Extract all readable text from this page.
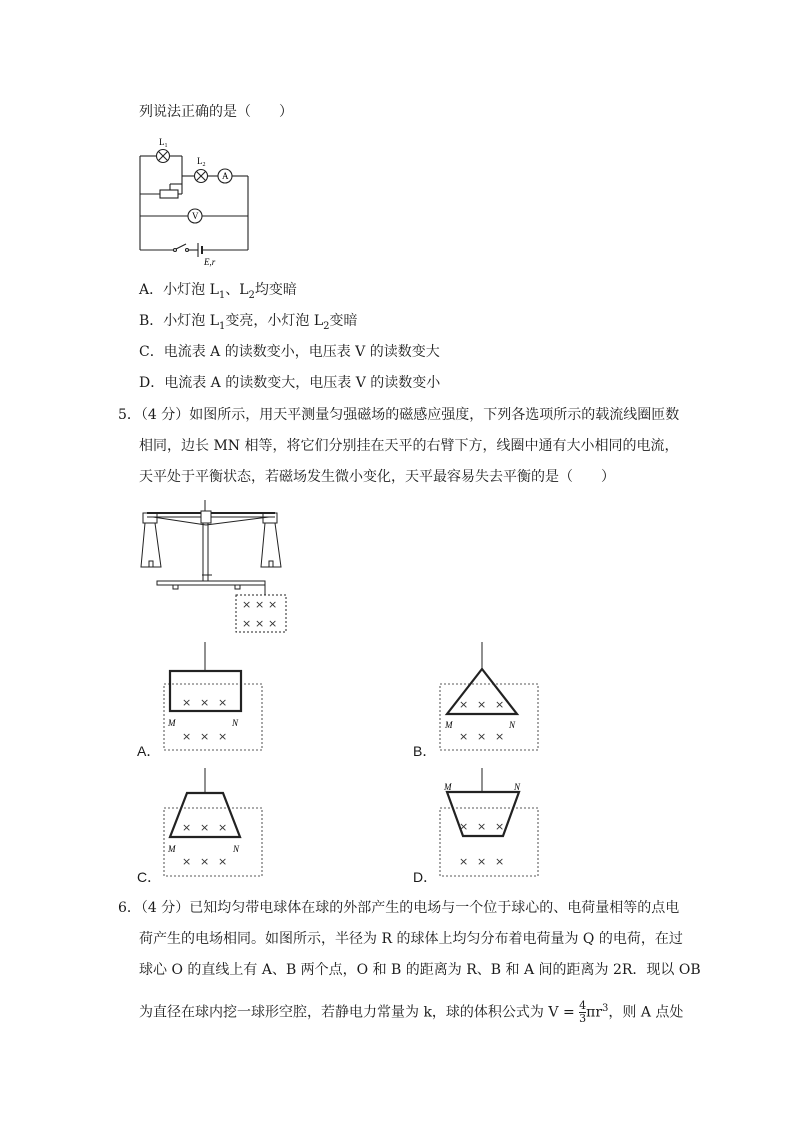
列说法正确的是（　　）
$L_1$
$L_2$
A
V
E,r
A．小灯泡 $L_1$、$L_2$均变暗
B．小灯泡 $L_1$变亮，小灯泡 $L_2$变暗
C．电流表 A 的读数变小，电压表 V 的读数变大
D．电流表 A 的读数变大，电压表 V 的读数变小
5．（4 分）如图所示，用天平测量匀强磁场的磁感应强度，下列各选项所示的载流线圈匝数
相同，边长 MN 相等，将它们分别挂在天平的右臂下方，线圈中通有大小相同的电流，
天平处于平衡状态，若磁场发生微小变化，天平最容易失去平衡的是（　　）
× × ×
× × ×
M	N
× × ×
× × ×
A．
M	N
× × ×
× × ×
B．
M	N
× × ×
× × ×
C．
M	N
× × ×
× × ×
D．
6．（4 分）已知均匀带电球体在球的外部产生的电场与一个位于球心的、电荷量相等的点电
荷产生的电场相同。如图所示，半径为 R 的球体上均匀分布着电荷量为 Q 的电荷，在过
球心 O 的直线上有 A、B 两个点，O 和 B 的距离为 R、B 和 A 间的距离为 2R．现以 OB
为直径在球内挖一球形空腔，若静电力常量为 k，球的体积公式为 $V = \frac{4}{3} \pi r^3$，则 A 点处
